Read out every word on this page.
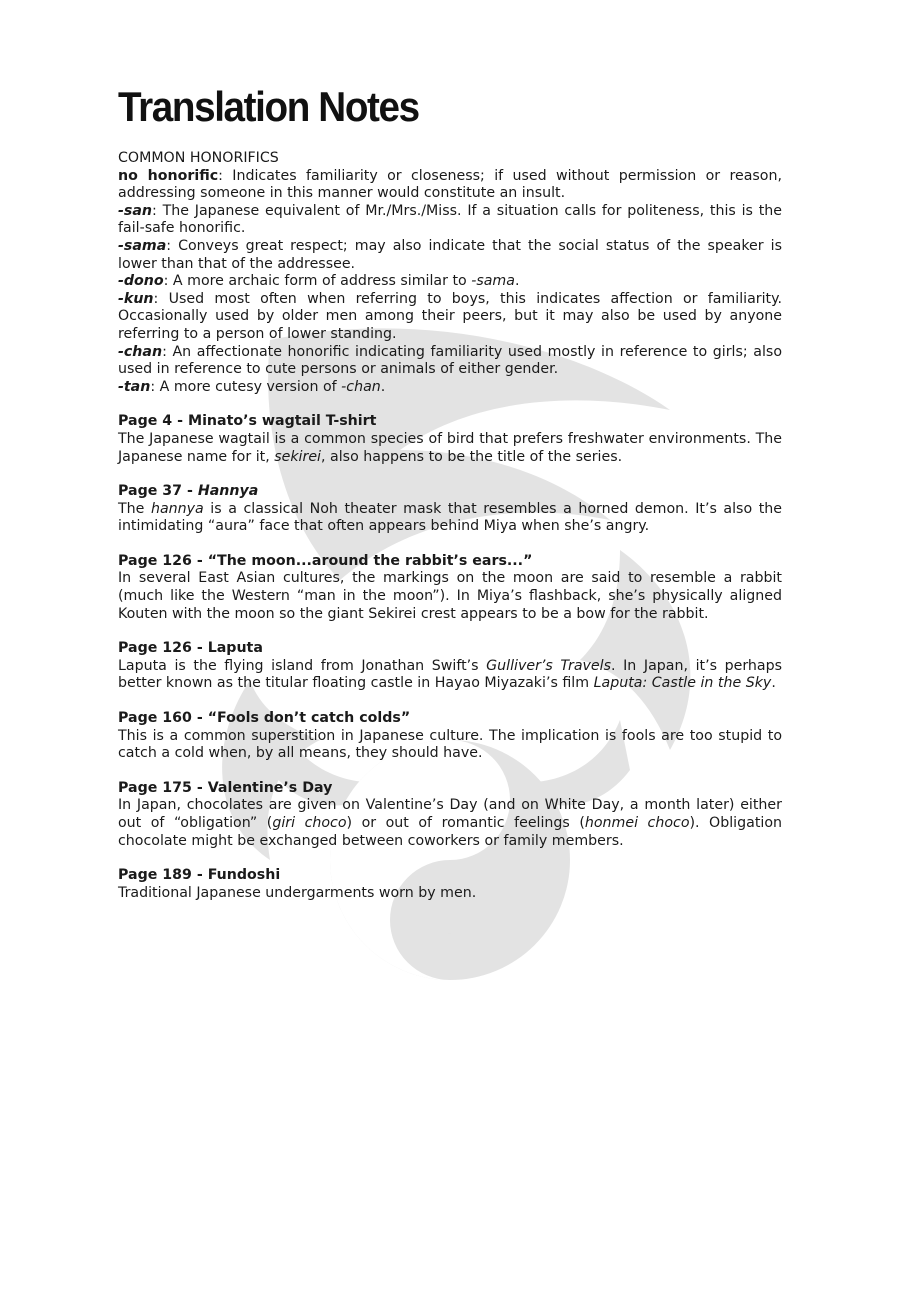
Translation Notes

COMMON HONORIFICS

no honorific: Indicates familiarity or closeness; if used without permission or reason, addressing someone in this manner would constitute an insult.

-san: The Japanese equivalent of Mr./Mrs./Miss. If a situation calls for politeness, this is the fail-safe honorific.

-sama: Conveys great respect; may also indicate that the social status of the speaker is lower than that of the addressee.

-dono: A more archaic form of address similar to -sama.

-kun: Used most often when referring to boys, this indicates affection or familiarity. Occasionally used by older men among their peers, but it may also be used by anyone referring to a person of lower standing.

-chan: An affectionate honorific indicating familiarity used mostly in reference to girls; also used in reference to cute persons or animals of either gender.

-tan: A more cutesy version of -chan.

Page 4 - Minato’s wagtail T-shirt

The Japanese wagtail is a common species of bird that prefers freshwater environments. The Japanese name for it, sekirei, also happens to be the title of the series.

Page 37 - Hannya

The hannya is a classical Noh theater mask that resembles a horned demon. It’s also the intimidating “aura” face that often appears behind Miya when she’s angry.

Page 126 - “The moon...around the rabbit’s ears...”

In several East Asian cultures, the markings on the moon are said to resemble a rabbit (much like the Western “man in the moon”). In Miya’s flashback, she’s physically aligned Kouten with the moon so the giant Sekirei crest appears to be a bow for the rabbit.

Page 126 - Laputa

Laputa is the flying island from Jonathan Swift’s Gulliver’s Travels. In Japan, it’s perhaps better known as the titular floating castle in Hayao Miyazaki’s film Laputa: Castle in the Sky.

Page 160 - “Fools don’t catch colds”

This is a common superstition in Japanese culture. The implication is fools are too stupid to catch a cold when, by all means, they should have.

Page 175 - Valentine’s Day

In Japan, chocolates are given on Valentine’s Day (and on White Day, a month later) either out of “obligation” (giri choco) or out of romantic feelings (honmei choco). Obligation chocolate might be exchanged between coworkers or family members.

Page 189 - Fundoshi

Traditional Japanese undergarments worn by men.
